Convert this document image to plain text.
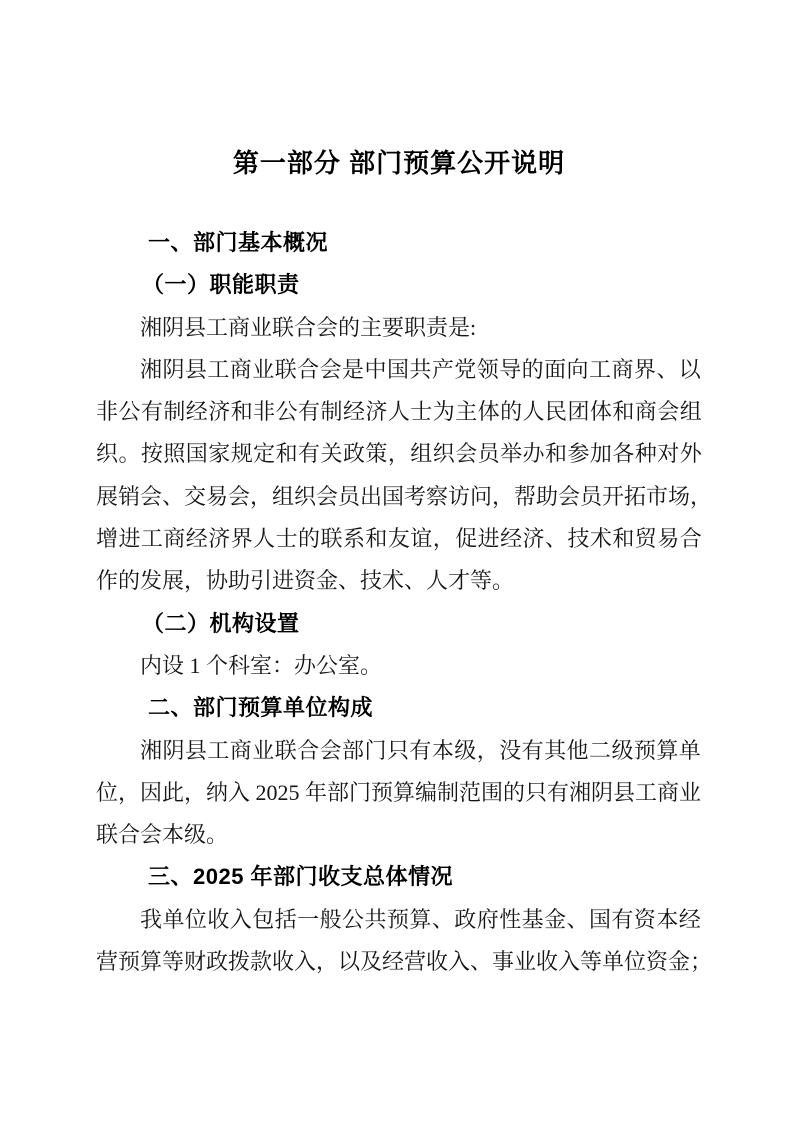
第一部分 部门预算公开说明
一、部门基本概况
（一）职能职责
湘阴县工商业联合会的主要职责是:
湘阴县工商业联合会是中国共产党领导的面向工商界、以
非公有制经济和非公有制经济人士为主体的人民团体和商会组
织。按照国家规定和有关政策，组织会员举办和参加各种对外
展销会、交易会，组织会员出国考察访问，帮助会员开拓市场，
增进工商经济界人士的联系和友谊，促进经济、技术和贸易合
作的发展，协助引进资金、技术、人才等。
（二）机构设置
内设 1 个科室：办公室。
二、部门预算单位构成
湘阴县工商业联合会部门只有本级，没有其他二级预算单
位，因此，纳入 2025 年部门预算编制范围的只有湘阴县工商业
联合会本级。
三、2025 年部门收支总体情况
我单位收入包括一般公共预算、政府性基金、国有资本经
营预算等财政拨款收入，以及经营收入、事业收入等单位资金；
